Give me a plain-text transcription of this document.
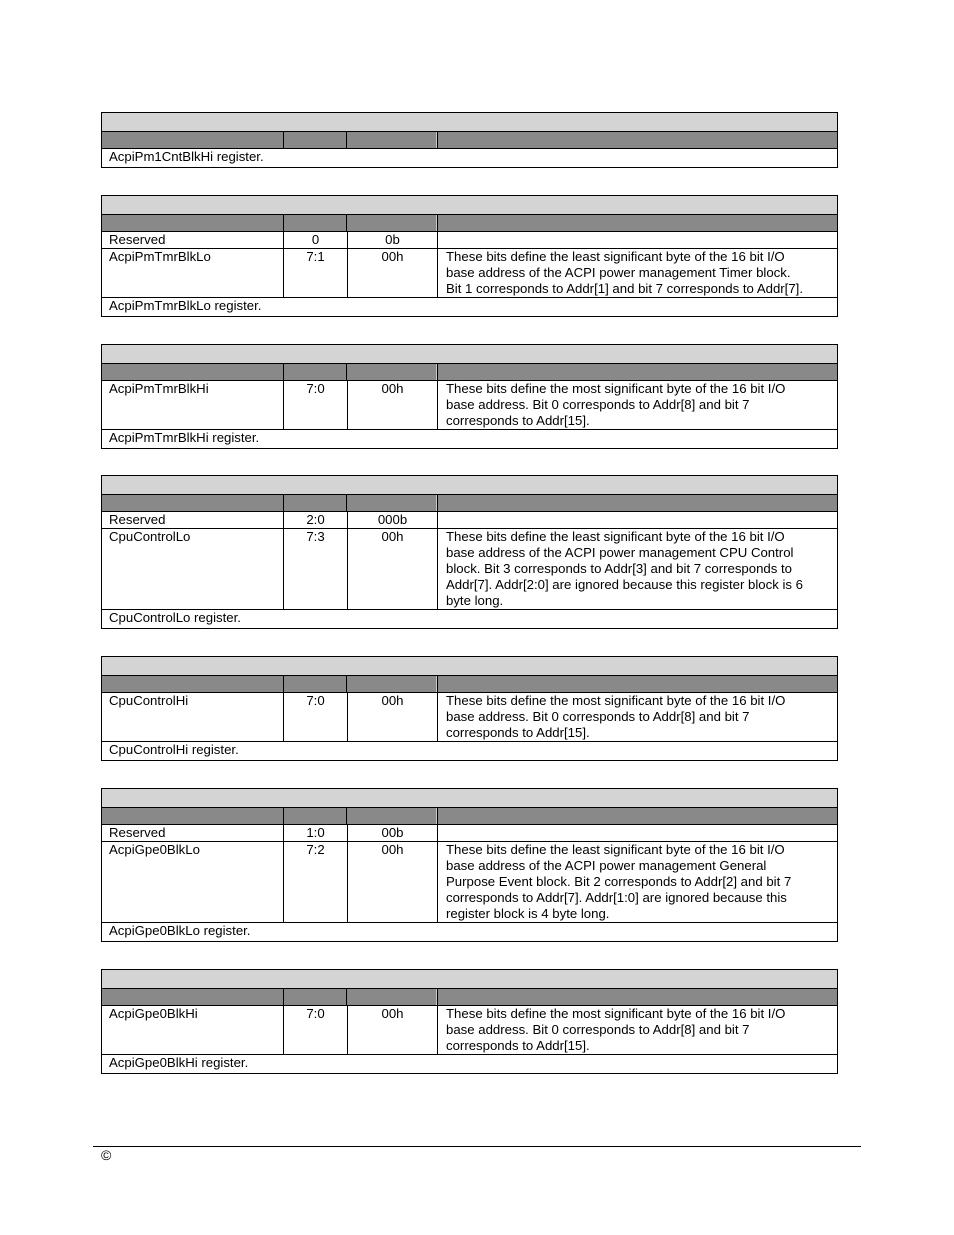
AcpiPm1CntBlkHi register.
Reserved	0	0b
AcpiPmTmrBlkLo	7:1	00h	These bits define the least significant byte of the 16 bit I/O
base address of the ACPI power management Timer block.
Bit 1 corresponds to Addr[1] and bit 7 corresponds to Addr[7].
AcpiPmTmrBlkLo register.
AcpiPmTmrBlkHi	7:0	00h	These bits define the most significant byte of the 16 bit I/O
base address. Bit 0 corresponds to Addr[8] and bit 7
corresponds to Addr[15].
AcpiPmTmrBlkHi register.
Reserved	2:0	000b
CpuControlLo	7:3	00h	These bits define the least significant byte of the 16 bit I/O
base address of the ACPI power management CPU Control
block. Bit 3 corresponds to Addr[3] and bit 7 corresponds to
Addr[7]. Addr[2:0] are ignored because this register block is 6
byte long.
CpuControlLo register.
CpuControlHi	7:0	00h	These bits define the most significant byte of the 16 bit I/O
base address. Bit 0 corresponds to Addr[8] and bit 7
corresponds to Addr[15].
CpuControlHi register.
Reserved	1:0	00b
AcpiGpe0BlkLo	7:2	00h	These bits define the least significant byte of the 16 bit I/O
base address of the ACPI power management General
Purpose Event block. Bit 2 corresponds to Addr[2] and bit 7
corresponds to Addr[7]. Addr[1:0] are ignored because this
register block is 4 byte long.
AcpiGpe0BlkLo register.
AcpiGpe0BlkHi	7:0	00h	These bits define the most significant byte of the 16 bit I/O
base address. Bit 0 corresponds to Addr[8] and bit 7
corresponds to Addr[15].
AcpiGpe0BlkHi register.
©
